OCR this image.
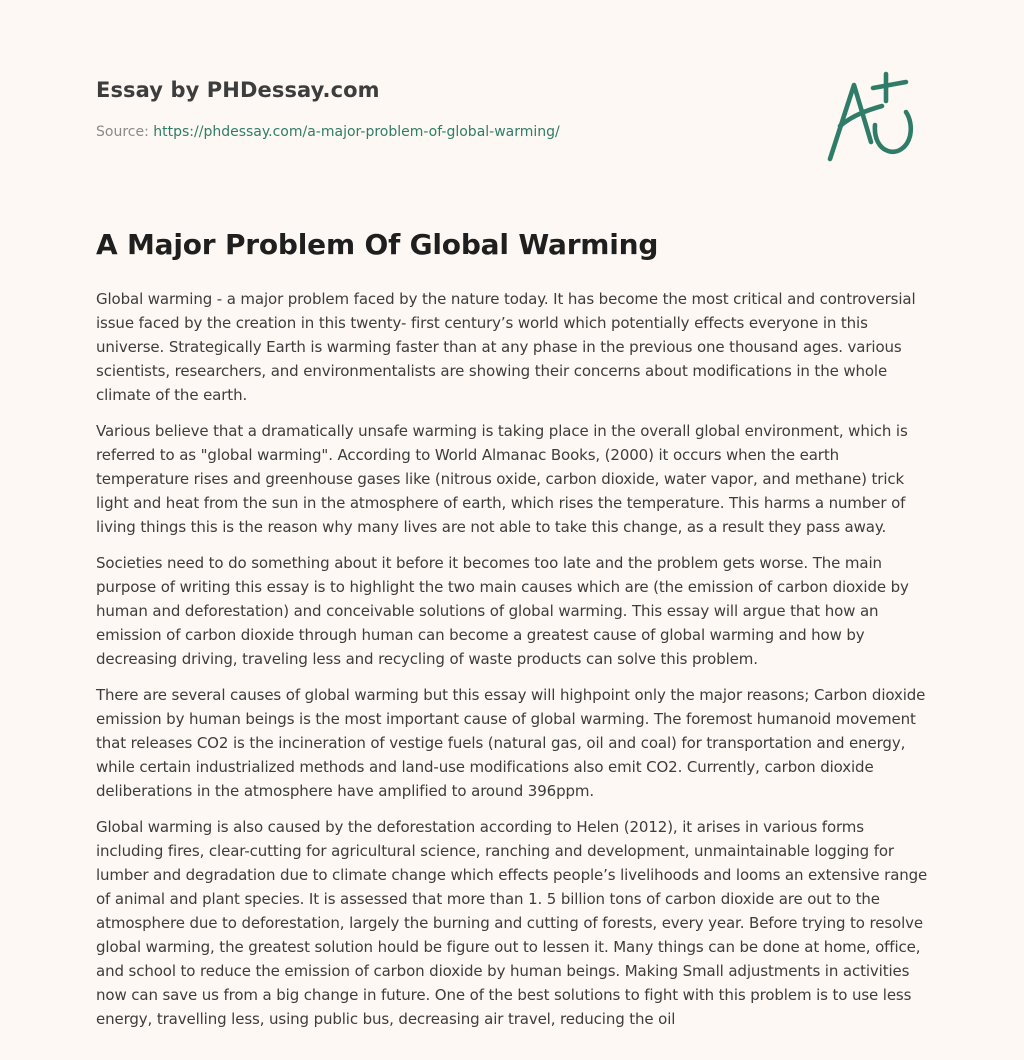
Essay by PHDessay.com
Source: https://phdessay.com/a-major-problem-of-global-warming/
A Major Problem Of Global Warming

Global warming - a major problem faced by the nature today. It has become the most critical and controversial issue faced by the creation in this twenty- first century’s world which potentially effects everyone in this universe. Strategically Earth is warming faster than at any phase in the previous one thousand ages. various scientists, researchers, and environmentalists are showing their concerns about modifications in the whole climate of the earth.

Various believe that a dramatically unsafe warming is taking place in the overall global environment, which is referred to as "global warming". According to World Almanac Books, (2000) it occurs when the earth temperature rises and greenhouse gases like (nitrous oxide, carbon dioxide, water vapor, and methane) trick light and heat from the sun in the atmosphere of earth, which rises the temperature. This harms a number of living things this is the reason why many lives are not able to take this change, as a result they pass away.

Societies need to do something about it before it becomes too late and the problem gets worse. The main purpose of writing this essay is to highlight the two main causes which are (the emission of carbon dioxide by human and deforestation) and conceivable solutions of global warming. This essay will argue that how an emission of carbon dioxide through human can become a greatest cause of global warming and how by decreasing driving, traveling less and recycling of waste products can solve this problem.

There are several causes of global warming but this essay will highpoint only the major reasons; Carbon dioxide emission by human beings is the most important cause of global warming. The foremost humanoid movement that releases CO2 is the incineration of vestige fuels (natural gas, oil and coal) for transportation and energy, while certain industrialized methods and land-use modifications also emit CO2. Currently, carbon dioxide deliberations in the atmosphere have amplified to around 396ppm.

Global warming is also caused by the deforestation according to Helen (2012), it arises in various forms including fires, clear-cutting for agricultural science, ranching and development, unmaintainable logging for lumber and degradation due to climate change which effects people’s livelihoods and looms an extensive range of animal and plant species. It is assessed that more than 1. 5 billion tons of carbon dioxide are out to the atmosphere due to deforestation, largely the burning and cutting of forests, every year. Before trying to resolve global warming, the greatest solution hould be figure out to lessen it. Many things can be done at home, office, and school to reduce the emission of carbon dioxide by human beings. Making Small adjustments in activities now can save us from a big change in future. One of the best solutions to fight with this problem is to use less energy, travelling less, using public bus, decreasing air travel, reducing the oil
